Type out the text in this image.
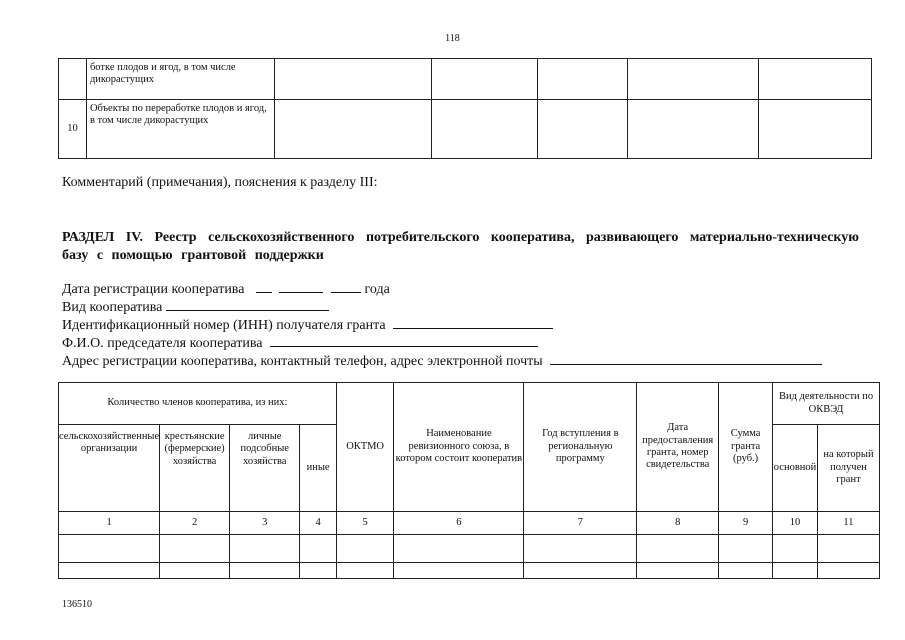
118
	ботке плодов и ягод, в том числе дикорастущих					
10	Объекты по переработке плодов и ягод, в том числе дикорастущих					
Комментарий (примечания), пояснения к разделу III:
РАЗДЕЛ IV. Реестр сельскохозяйственного потребительского кооператива, развивающего материально-техническую базу с помощью грантовой поддержки
Дата регистрации кооператива	года
Вид кооператива
Идентификационный номер (ИНН) получателя гранта
Ф.И.О. председателя кооператива
Адрес регистрации кооператива, контактный телефон, адрес электронной почты
Количество членов кооператива, из них:				ОКТМО	Наименование ревизионного союза, в котором состоит кооператив	Год вступления в региональную программу	Дата предоставления гранта, номер свидетельства	Сумма гранта (руб.)	Вид деятельности по ОКВЭД	
сельскохозяйственные организации	крестьянские (фермерские) хозяйства	личные подсобные хозяйства	иные						основной	на который получен грант
1	2	3	4	5	6	7	8	9	10	11

136510
